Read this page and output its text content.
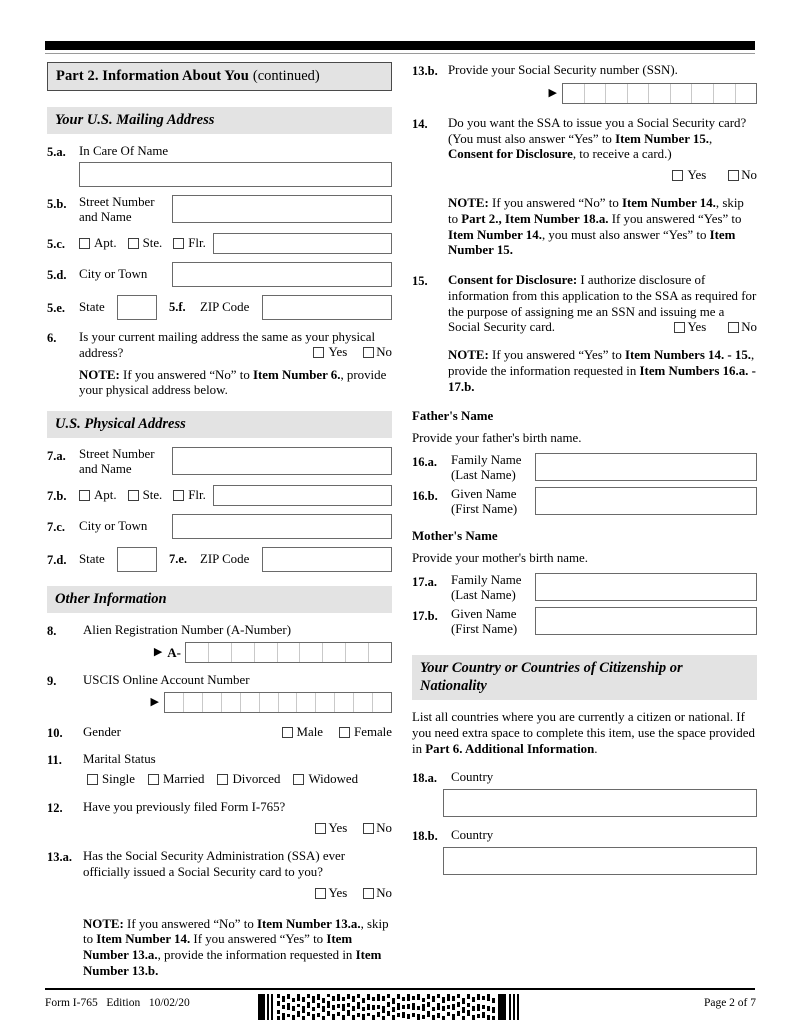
Part 2. Information About You (continued)
Your U.S. Mailing Address
5.a.	In Care Of Name
5.b. Street Number
and Name
5.c.	Apt. Ste. Flr.
5.d. City or Town
5.e.	State	5.f.	ZIP Code
6.	Is your current mailing address the same as your physical address?	Yes No
NOTE: If you answered “No” to Item Number 6., provide your physical address below.
U.S. Physical Address
7.a.	Street Number
and Name
7.b.	Apt. Ste. Flr.
7.c.	City or Town
7.d. State	7.e.	ZIP Code
Other Information
8.	Alien Registration Number (A-Number)
▶ A-
9.	USCIS Online Account Number
▶
10.	Gender	Male Female
11.	Marital Status
Single Married Divorced Widowed
12.	Have you previously filed Form I-765?
Yes No
13.a. Has the Social Security Administration (SSA) ever officially issued a Social Security card to you?
Yes No
NOTE: If you answered “No” to Item Number 13.a., skip to Item Number 14. If you answered “Yes” to Item Number 13.a., provide the information requested in Item Number 13.b.
13.b. Provide your Social Security number (SSN).
▶
14.	Do you want the SSA to issue you a Social Security card? (You must also answer “Yes” to Item Number 15., Consent for Disclosure, to receive a card.)
Yes	No
NOTE: If you answered “No” to Item Number 14., skip to Part 2., Item Number 18.a. If you answered “Yes” to Item Number 14., you must also answer “Yes” to Item Number 15.
15.	Consent for Disclosure: I authorize disclosure of information from this application to the SSA as required for the purpose of assigning me an SSN and issuing me a Social Security card.	Yes	No
NOTE: If you answered “Yes” to Item Numbers 14. - 15., provide the information requested in Item Numbers 16.a. - 17.b.
Father's Name
Provide your father's birth name.
16.a.	Family Name
(Last Name)
16.b.	Given Name
(First Name)
Mother's Name
Provide your mother's birth name.
17.a.	Family Name
(Last Name)
17.b.	Given Name
(First Name)
Your Country or Countries of Citizenship or Nationality
List all countries where you are currently a citizen or national. If you need extra space to complete this item, use the space provided in Part 6. Additional Information.
18.a.	Country
18.b.	Country
Form I-765 Edition 10/02/20	Page 2 of 7
